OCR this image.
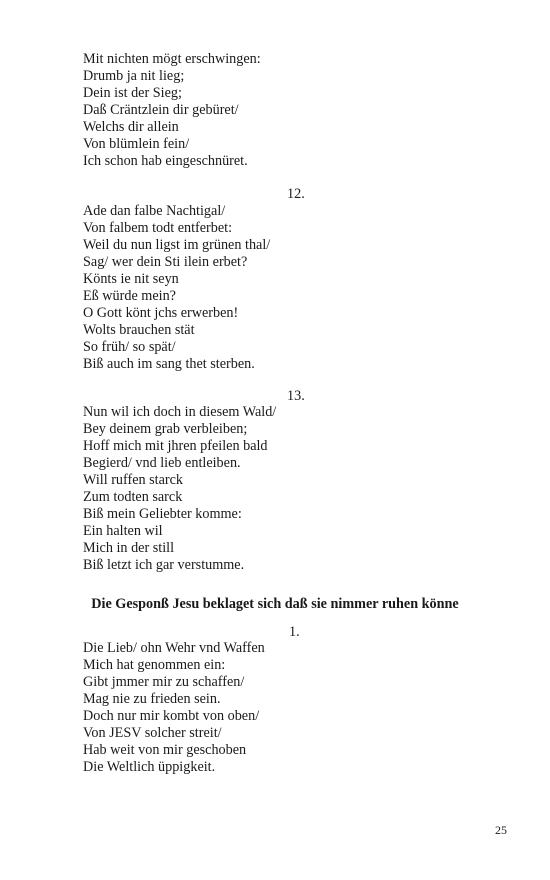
Mit nichten mögt erschwingen:
Drumb ja nit lieg;
Dein ist der Sieg;
Daß Cräntzlein dir gebüret/
Welchs dir allein
Von blümlein fein/
Ich schon hab eingeschnüret.
12.
Ade dan falbe Nachtigal/
Von falbem todt entferbet:
Weil du nun ligst im grünen thal/
Sag/ wer dein Sti ilein erbet?
Könts ie nit seyn
Eß würde mein?
O Gott könt jchs erwerben!
Wolts brauchen stät
So früh/ so spät/
Biß auch im sang thet sterben.
13.
Nun wil ich doch in diesem Wald/
Bey deinem grab verbleiben;
Hoff mich mit jhren pfeilen bald
Begierd/ vnd lieb entleiben.
Will ruffen starck
Zum todten sarck
Biß mein Geliebter komme:
Ein halten wil
Mich in der still
Biß letzt ich gar verstumme.
Die Gesponß Jesu beklaget sich daß sie nimmer ruhen könne
1.
Die Lieb/ ohn Wehr vnd Waffen
Mich hat genommen ein:
Gibt jmmer mir zu schaffen/
Mag nie zu frieden sein.
Doch nur mir kombt von oben/
Von JESV solcher streit/
Hab weit von mir geschoben
Die Weltlich üppigkeit.
25
